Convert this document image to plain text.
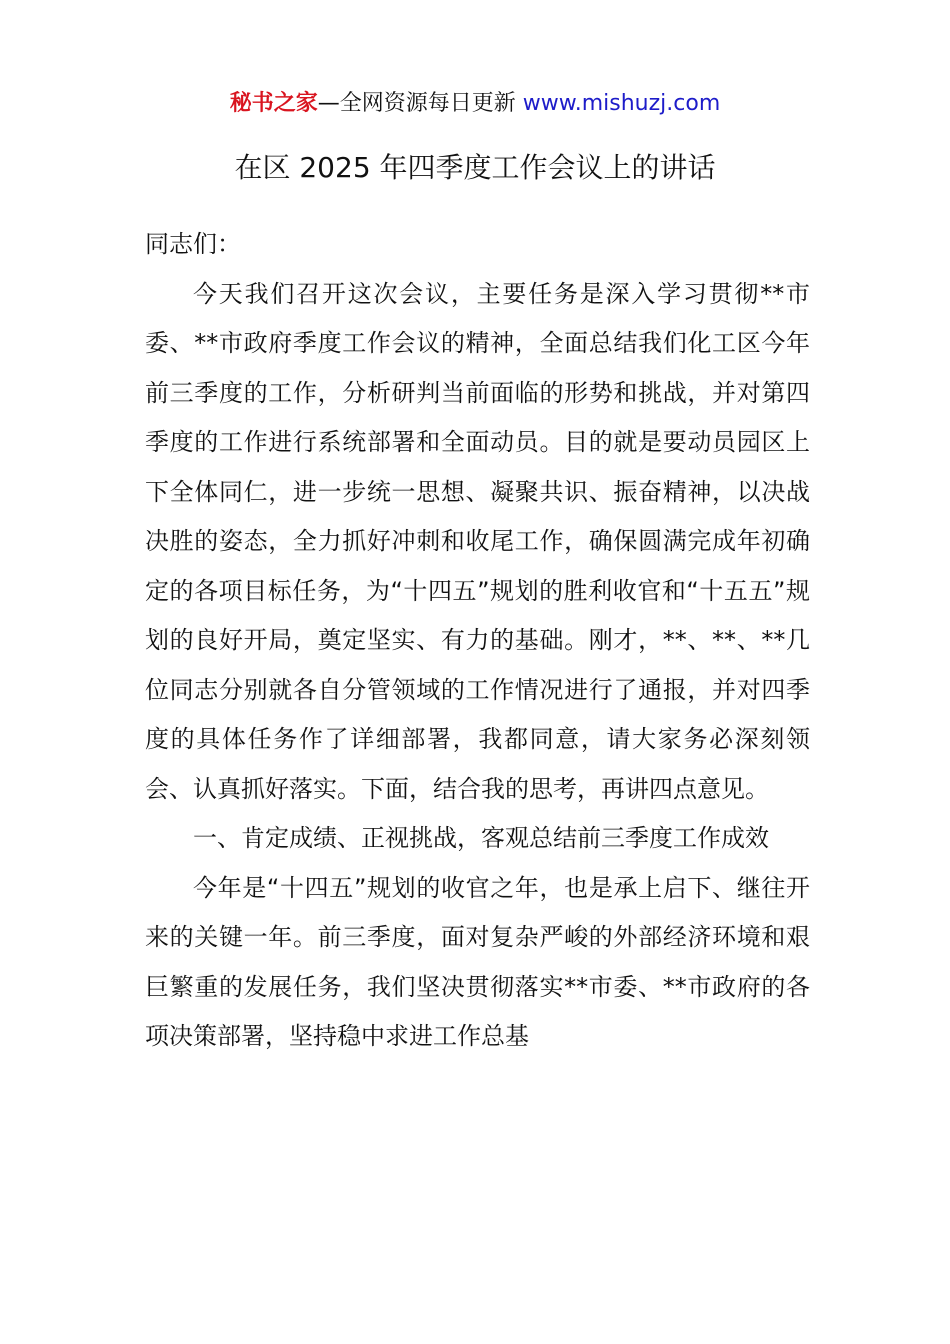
秘书之家—全网资源每日更新 www.mishuzj.com
在区 2025 年四季度工作会议上的讲话

同志们：

今天我们召开这次会议，主要任务是深入学习贯彻**市委、**市政府季度工作会议的精神，全面总结我们化工区今年前三季度的工作，分析研判当前面临的形势和挑战，并对第四季度的工作进行系统部署和全面动员。目的就是要动员园区上下全体同仁，进一步统一思想、凝聚共识、振奋精神，以决战决胜的姿态，全力抓好冲刺和收尾工作，确保圆满完成年初确定的各项目标任务，为“十四五”规划的胜利收官和“十五五”规划的良好开局，奠定坚实、有力的基础。刚才，**、**、**几位同志分别就各自分管领域的工作情况进行了通报，并对四季度的具体任务作了详细部署，我都同意，请大家务必深刻领会、认真抓好落实。下面，结合我的思考，再讲四点意见。

一、肯定成绩、正视挑战，客观总结前三季度工作成效

今年是“十四五”规划的收官之年，也是承上启下、继往开来的关键一年。前三季度，面对复杂严峻的外部经济环境和艰巨繁重的发展任务，我们坚决贯彻落实**市委、**市政府的各项决策部署，坚持稳中求进工作总基
